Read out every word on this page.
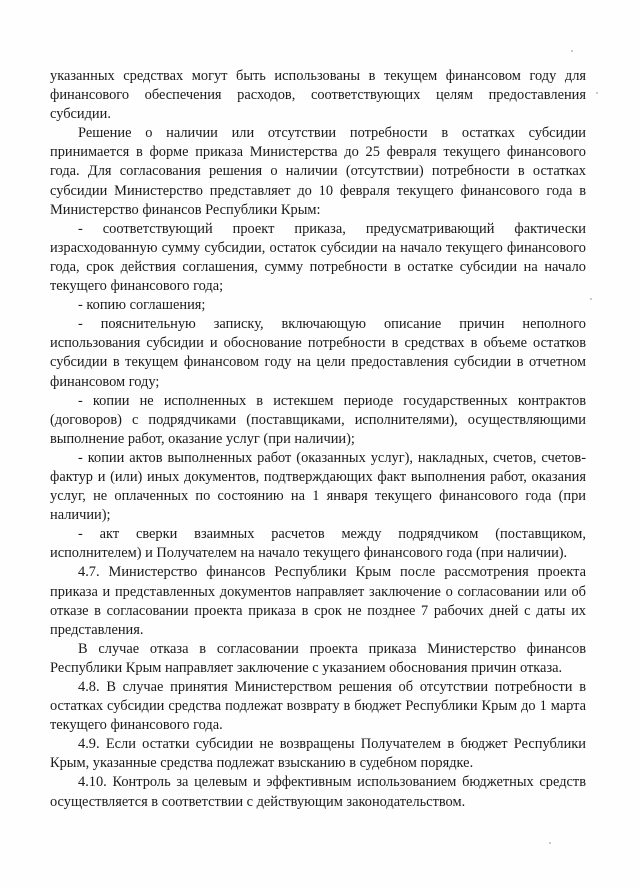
указанных средствах могут быть использованы в текущем финансовом году для финансового обеспечения расходов, соответствующих целям предоставления субсидии.

Решение о наличии или отсутствии потребности в остатках субсидии принимается в форме приказа Министерства до 25 февраля текущего финансового года. Для согласования решения о наличии (отсутствии) потребности в остатках субсидии Министерство представляет до 10 февраля текущего финансового года в Министерство финансов Республики Крым:

- соответствующий проект приказа, предусматривающий фактически израсходованную сумму субсидии, остаток субсидии на начало текущего финансового года, срок действия соглашения, сумму потребности в остатке субсидии на начало текущего финансового года;

- копию соглашения;

- пояснительную записку, включающую описание причин неполного использования субсидии и обоснование потребности в средствах в объеме остатков субсидии в текущем финансовом году на цели предоставления субсидии в отчетном финансовом году;

- копии не исполненных в истекшем периоде государственных контрактов (договоров) с подрядчиками (поставщиками, исполнителями), осуществляющими выполнение работ, оказание услуг (при наличии);

- копии актов выполненных работ (оказанных услуг), накладных, счетов, счетов-фактур и (или) иных документов, подтверждающих факт выполнения работ, оказания услуг, не оплаченных по состоянию на 1 января текущего финансового года (при наличии);

- акт сверки взаимных расчетов между подрядчиком (поставщиком, исполнителем) и Получателем на начало текущего финансового года (при наличии).

4.7. Министерство финансов Республики Крым после рассмотрения проекта приказа и представленных документов направляет заключение о согласовании или об отказе в согласовании проекта приказа в срок не позднее 7 рабочих дней с даты их представления.

В случае отказа в согласовании проекта приказа Министерство финансов Республики Крым направляет заключение с указанием обоснования причин отказа.

4.8. В случае принятия Министерством решения об отсутствии потребности в остатках субсидии средства подлежат возврату в бюджет Республики Крым до 1 марта текущего финансового года.

4.9. Если остатки субсидии не возвращены Получателем в бюджет Республики Крым, указанные средства подлежат взысканию в судебном порядке.

4.10. Контроль за целевым и эффективным использованием бюджетных средств осуществляется в соответствии с действующим законодательством.
